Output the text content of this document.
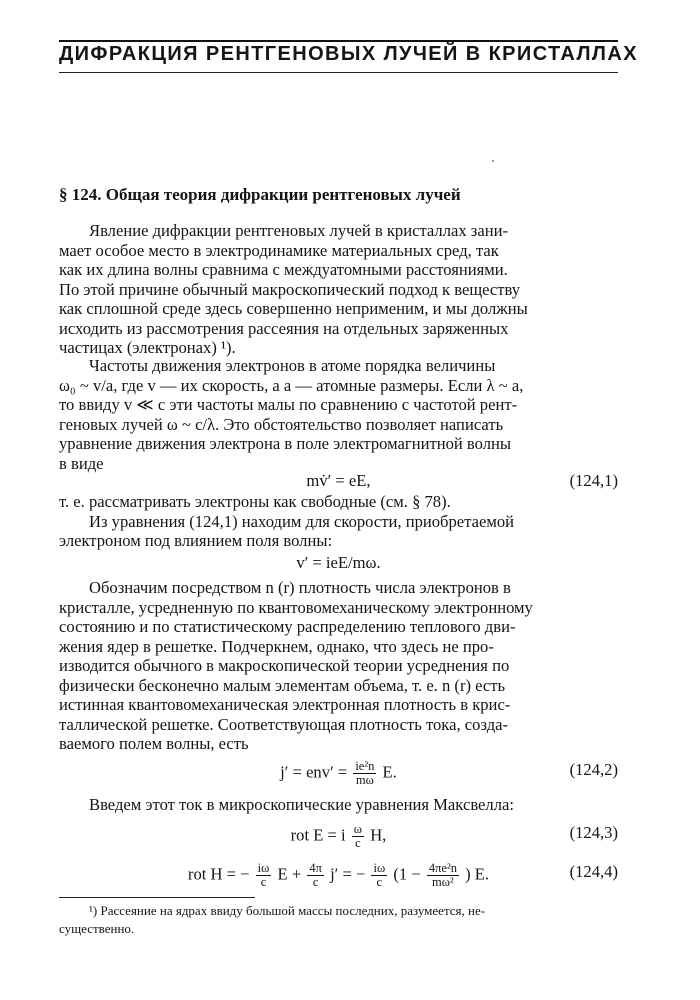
ДИФРАКЦИЯ РЕНТГЕНОВЫХ ЛУЧЕЙ В КРИСТАЛЛАХ
§ 124. Общая теория дифракции рентгеновых лучей
Явление дифракции рентгеновых лучей в кристаллах зани-
мает особое место в электродинамике материальных сред, так
как их длина волны сравнима с междуатомными расстояниями.
По этой причине обычный макроскопический подход к веществу
как сплошной среде здесь совершенно неприменим, и мы должны
исходить из рассмотрения рассеяния на отдельных заряженных
частицах (электронах) ¹).
Частоты движения электронов в атоме порядка величины
ω₀ ~ v/a, где v — их скорость, а a — атомные размеры. Если λ ~ a,
то ввиду v ≪ c эти частоты малы по сравнению с частотой рент-
геновых лучей ω ~ c/λ. Это обстоятельство позволяет написать
уравнение движения электрона в поле электромагнитной волны
в виде
mv̇′ = eE,	(124,1)
т. е. рассматривать электроны как свободные (см. § 78).
Из уравнения (124,1) находим для скорости, приобретаемой
электроном под влиянием поля волны:
v′ = ieE/mω.
Обозначим посредством n (r) плотность числа электронов в
кристалле, усредненную по квантовомеханическому электронному
состоянию и по статистическому распределению теплового дви-
жения ядер в решетке. Подчеркнем, однако, что здесь не про-
изводится обычного в макроскопической теории усреднения по
физически бесконечно малым элементам объема, т. е. n (r) есть
истинная квантовомеханическая электронная плотность в крис-
таллической решетке. Соответствующая плотность тока, созда-
ваемого полем волны, есть
$j' = env' = \frac{\text{ie²n}}{m\omega} E$.	(124,2)
Введем этот ток в микроскопические уравнения Максвелла:
rot E = i $\frac{\omega}{c} H$,	(124,3)
rot H = − $\frac{i\omega}{c}$ $E + \frac{4\pi}{c} j'$ = − $\frac{i\omega}{c} (1 - \frac{\text{4πe²n}}{\text{mω²}}$ ) E.	(124,4)
¹) Рассеяние на ядрах ввиду большой массы последних, разумеется, не-
существенно.
